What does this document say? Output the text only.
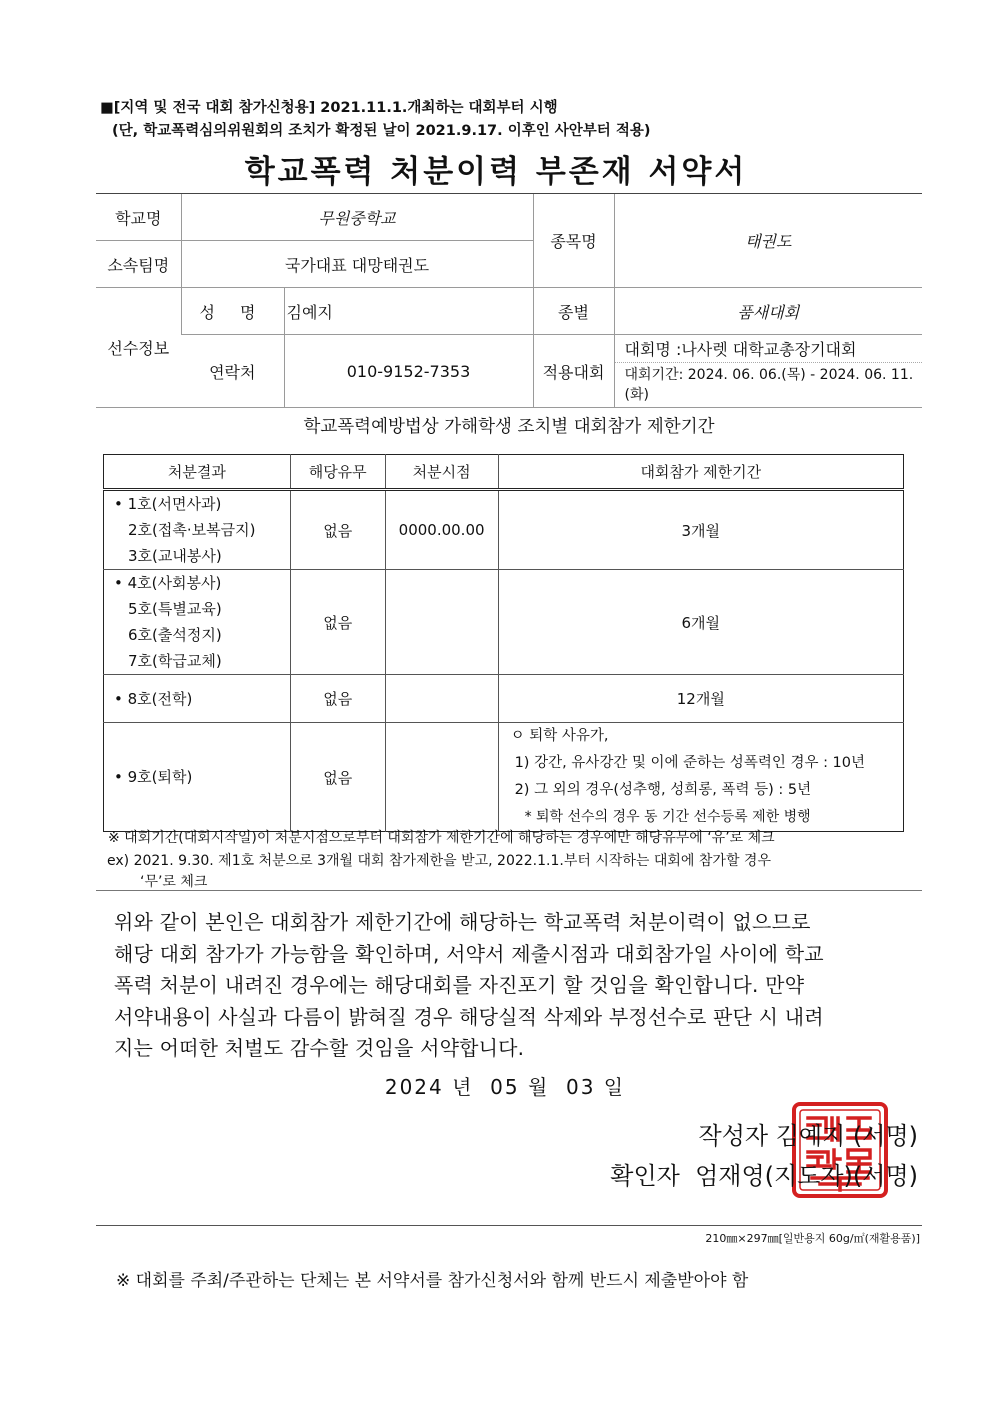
■[지역 및 전국 대회 참가신청용] 2021.11.1.개최하는 대회부터 시행
(단, 학교폭력심의위원회의 조치가 확정된 날이 2021.9.17. 이후인 사안부터 적용)
학교폭력 처분이력 부존재 서약서
학교명	무원중학교		종목명	태권도
소속팀명	국가대표 대망태권도			
선수정보	성 명	김예지	종별	품새대회
	연락처	010-9152-7353	적용대회	대회명 :나사렛 대학교총장기대회
대회기간: 2024. 06. 06.(목) - 2024. 06. 11.(화)
학교폭력예방법상 가해학생 조치별 대회참가 제한기간
처분결과	해당유무	처분시점	대회참가 제한기간

• 1호(서면사과)
2호(접촉·보복금지)
3호(교내봉사)	없음	0000.00.00	3개월

• 4호(사회봉사)
5호(특별교육)
6호(출석정지)
7호(학급교체)	없음		6개월

• 8호(전학)	없음		12개월

• 9호(퇴학)	없음		ㅇ 퇴학 사유가,
1) 강간, 유사강간 및 이에 준하는 성폭력인 경우 : 10년
2) 그 외의 경우(성추행, 성희롱, 폭력 등) : 5년
* 퇴학 선수의 경우 동 기간 선수등록 제한 병행
※ 대회기간(대회시작일)이 처분시점으로부터 대회참가 제한기간에 해당하는 경우에만 해당유무에 ‘유’로 체크
ex) 2021. 9.30. 제1호 처분으로 3개월 대회 참가제한을 받고, 2022.1.1.부터 시작하는 대회에 참가할 경우
‘무’로 체크
위와 같이 본인은 대회참가 제한기간에 해당하는 학교폭력 처분이력이 없으므로
해당 대회 참가가 가능함을 확인하며, 서약서 제출시점과 대회참가일 사이에 학교
폭력 처분이 내려진 경우에는 해당대회를 자진포기 할 것임을 확인합니다. 만약
서약내용이 사실과 다름이 밝혀질 경우 해당실적 삭제와 부정선수로 판단 시 내려
지는 어떠한 처벌도 감수할 것임을 서약합니다.
2024 년  05 월  03 일
작성자 김예지 (서명)
확인자  엄재영(지도자)(서명)
210㎜×297㎜[일반용지 60g/㎡(재활용품)]
※ 대회를 주최/주관하는 단체는 본 서약서를 참가신청서와 함께 반드시 제출받아야 함
